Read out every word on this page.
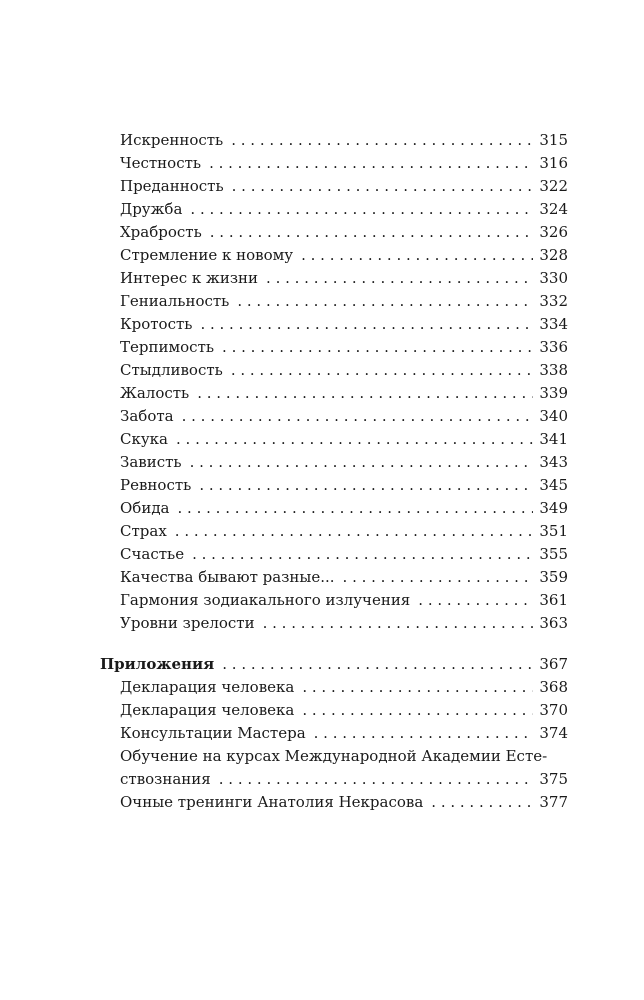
Искренность . . .	315
Честность . . .	316
Преданность . . .	322
Дружба . . .	324
Храбрость . . .	326
Стремление к новому . . .	328
Интерес к жизни . . .	330
Гениальность . . .	332
Кротость . . .	334
Терпимость . . .	336
Стыдливость . . .	338
Жалость . . .	339
Забота . . .	340
Скука . . .	341
Зависть . . .	343
Ревность . . .	345
Обида . . .	349
Страх . . .	351
Счастье . . .	355
Качества бывают разные... . . .	359
Гармония зодиакального излучения . . .	361
Уровни зрелости . . .	363
Приложения . . .	367
Декларация человека . . .	368
Декларация человека . . .	370
Консультации Мастера . . .	374
Обучение на курсах Международной Академии Есте-
ствознания . . .	375
Очные тренинги Анатолия Некрасова . . .	377
